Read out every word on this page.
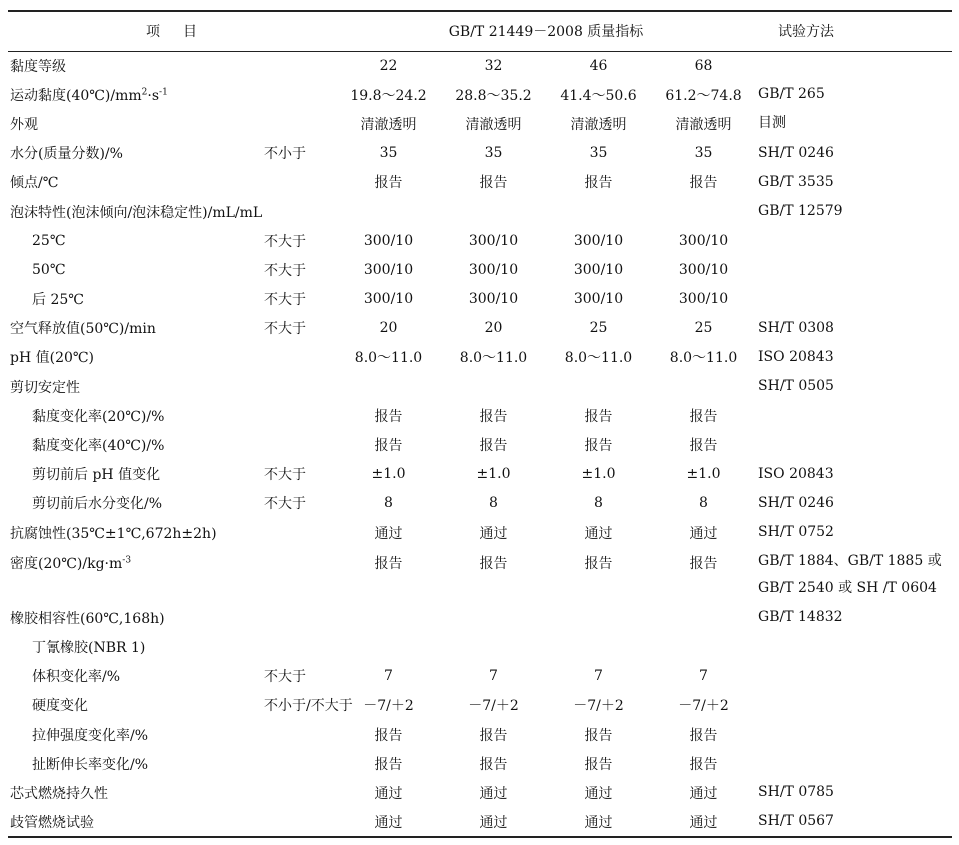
项 目		GB/T 21449－2008 质量指标				试验方法
黏度等级		22	32	46	68	
运动黏度$(40℃)/mm^2\cdot s^{-1}$		19.8～24.2	28.8～35.2	41.4～50.6	61.2～74.8	GB/T 265
外观		清澈透明	清澈透明	清澈透明	清澈透明	目测
水分(质量分数)/%	不小于	35	35	35	35	SH/T 0246
倾点/℃		报告	报告	报告	报告	GB/T 3535
泡沫特性(泡沫倾向/泡沫稳定性)/mL/mL						GB/T 12579
25℃	不大于	300/10	300/10	300/10	300/10	
50℃	不大于	300/10	300/10	300/10	300/10	
后 25℃	不大于	300/10	300/10	300/10	300/10	
空气释放值(50℃)/min	不大于	20	20	25	25	SH/T 0308
pH 值(20℃)		8.0～11.0	8.0～11.0	8.0～11.0	8.0～11.0	ISO 20843
剪切安定性						SH/T 0505
黏度变化率(20℃)/%		报告	报告	报告	报告	
黏度变化率(40℃)/%		报告	报告	报告	报告	
剪切前后 pH 值变化	不大于	±1.0	±1.0	±1.0	±1.0	ISO 20843
剪切前后水分变化/%	不大于	8	8	8	8	SH/T 0246
抗腐蚀性(35℃±1℃,672h±2h)		通过	通过	通过	通过	SH/T 0752
密度$(20℃)/kg\cdot m^{-3}$		报告	报告	报告	报告	GB/T 1884、GB/T 1885 或
GB/T 2540 或 SH /T 0604

橡胶相容性(60℃,168h)						GB/T 14832
丁氰橡胶(NBR 1)						
体积变化率/%	不大于	7	7	7	7	
硬度变化	不小于/不大于	－7/＋2	－7/＋2	－7/＋2	－7/＋2	
拉伸强度变化率/%		报告	报告	报告	报告	
扯断伸长率变化/%		报告	报告	报告	报告	
芯式燃烧持久性		通过	通过	通过	通过	SH/T 0785
歧管燃烧试验		通过	通过	通过	通过	SH/T 0567
